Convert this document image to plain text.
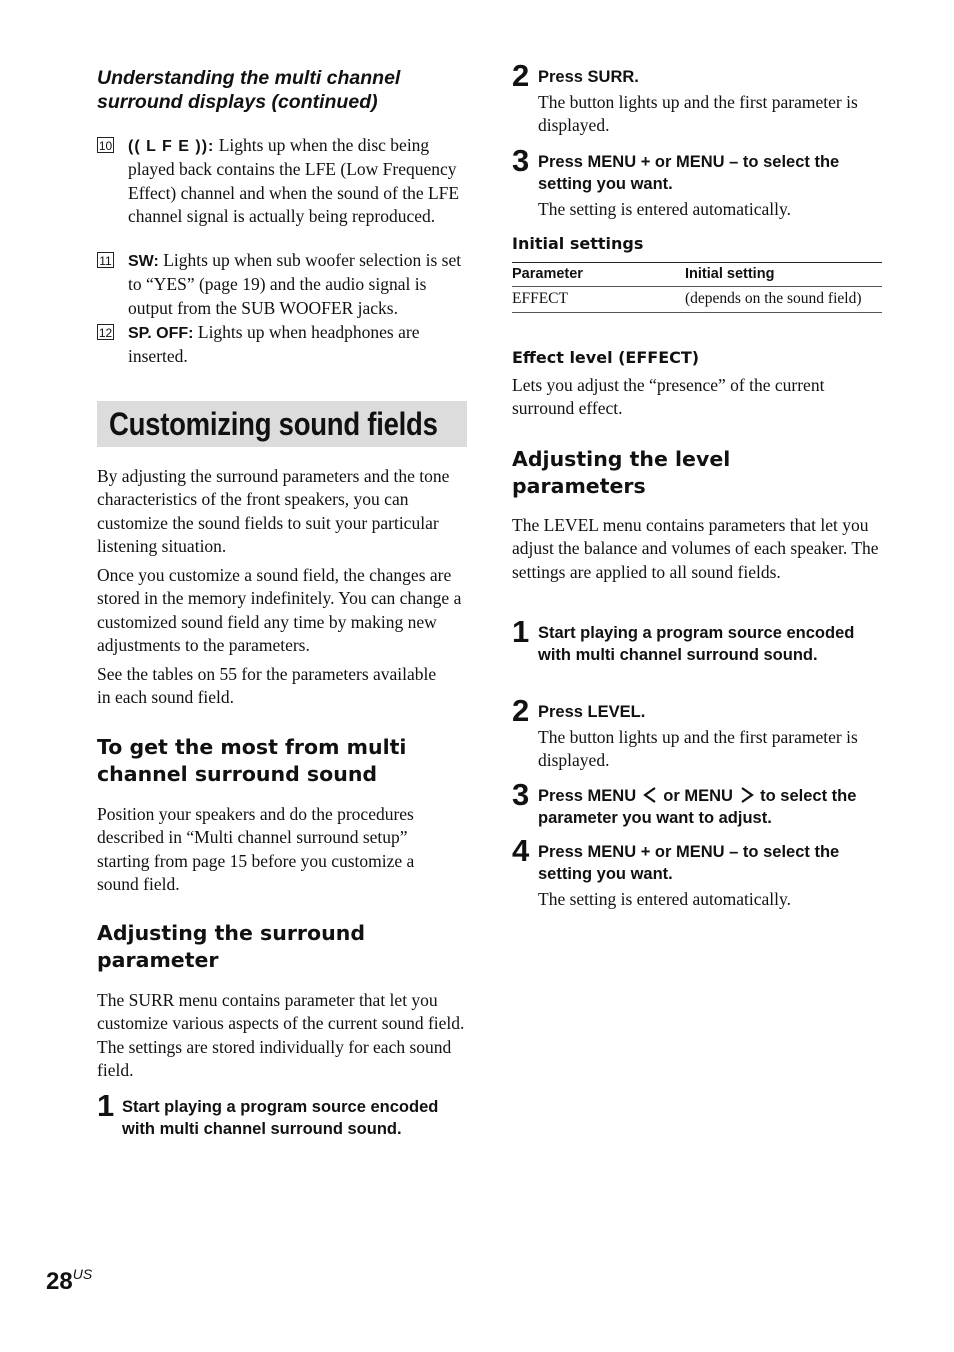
Understanding the multi channel surround displays (continued)
10 (( L F E )): Lights up when the disc being played back contains the LFE (Low Frequency Effect) channel and when the sound of the LFE channel signal is actually being reproduced.
11 SW: Lights up when sub woofer selection is set to “YES” (page 19) and the audio signal is output from the SUB WOOFER jacks.
12 SP. OFF: Lights up when headphones are inserted.
Customizing sound fields
By adjusting the surround parameters and the tone characteristics of the front speakers, you can customize the sound fields to suit your particular listening situation.
Once you customize a sound field, the changes are stored in the memory indefinitely. You can change a customized sound field any time by making new adjustments to the parameters.
See the tables on 55 for the parameters available in each sound field.
To get the most from multi channel surround sound
Position your speakers and do the procedures described in “Multi channel surround setup” starting from page 15 before you customize a sound field.
Adjusting the surround parameter
The SURR menu contains parameter that let you customize various aspects of the current sound field. The settings are stored individually for each sound field.
1 Start playing a program source encoded with multi channel surround sound.
2 Press SURR.
The button lights up and the first parameter is displayed.
3 Press MENU + or MENU – to select the setting you want.
The setting is entered automatically.
Initial settings
Parameter	Initial setting
EFFECT	(depends on the sound field)
Effect level (EFFECT)
Lets you adjust the “presence” of the current surround effect.
Adjusting the level parameters
The LEVEL menu contains parameters that let you adjust the balance and volumes of each speaker. The settings are applied to all sound fields.
1 Start playing a program source encoded with multi channel surround sound.
2 Press LEVEL.
The button lights up and the first parameter is displayed.
3 Press MENU  or MENU  to select the parameter you want to adjust.
4 Press MENU + or MENU – to select the setting you want.
The setting is entered automatically.
$28^{US}$
